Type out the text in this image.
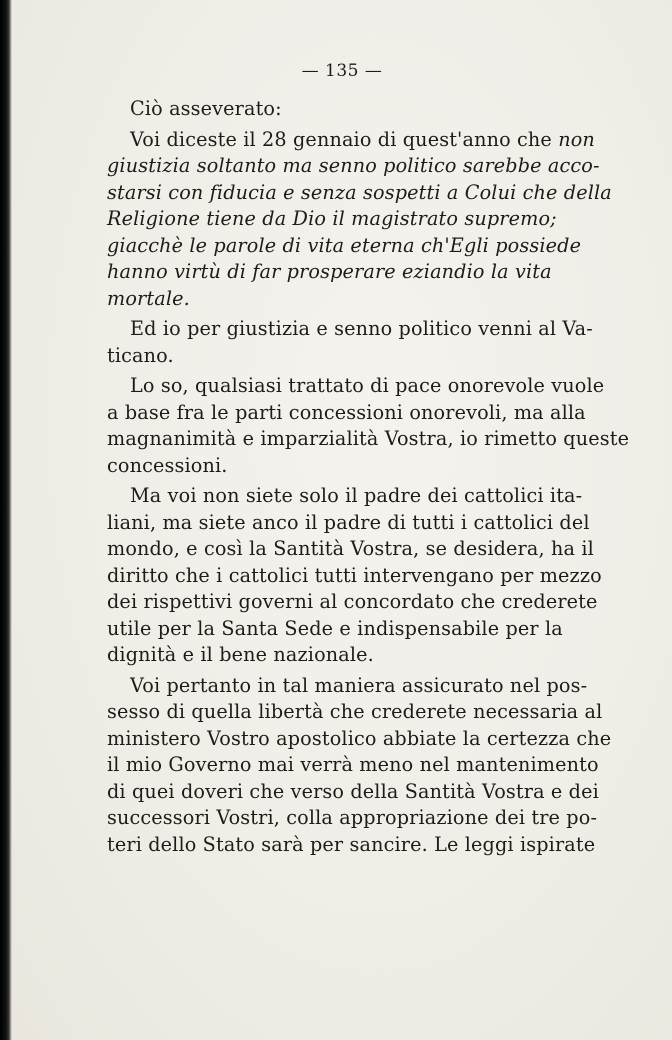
— 135 —
Ciò asseverato:
Voi diceste il 28 gennaio di quest'anno che non
giustizia soltanto ma senno politico sarebbe acco-
starsi con fiducia e senza sospetti a Colui che della
Religione tiene da Dio il magistrato supremo;
giacchè le parole di vita eterna ch'Egli possiede
hanno virtù di far prosperare eziandio la vita
mortale.
Ed io per giustizia e senno politico venni al Va-
ticano.
Lo so, qualsiasi trattato di pace onorevole vuole
a base fra le parti concessioni onorevoli, ma alla
magnanimità e imparzialità Vostra, io rimetto queste
concessioni.
Ma voi non siete solo il padre dei cattolici ita-
liani, ma siete anco il padre di tutti i cattolici del
mondo, e così la Santità Vostra, se desidera, ha il
diritto che i cattolici tutti intervengano per mezzo
dei rispettivi governi al concordato che crederete
utile per la Santa Sede e indispensabile per la
dignità e il bene nazionale.
Voi pertanto in tal maniera assicurato nel pos-
sesso di quella libertà che crederete necessaria al
ministero Vostro apostolico abbiate la certezza che
il mio Governo mai verrà meno nel mantenimento
di quei doveri che verso della Santità Vostra e dei
successori Vostri, colla appropriazione dei tre po-
teri dello Stato sarà per sancire. Le leggi ispirate
